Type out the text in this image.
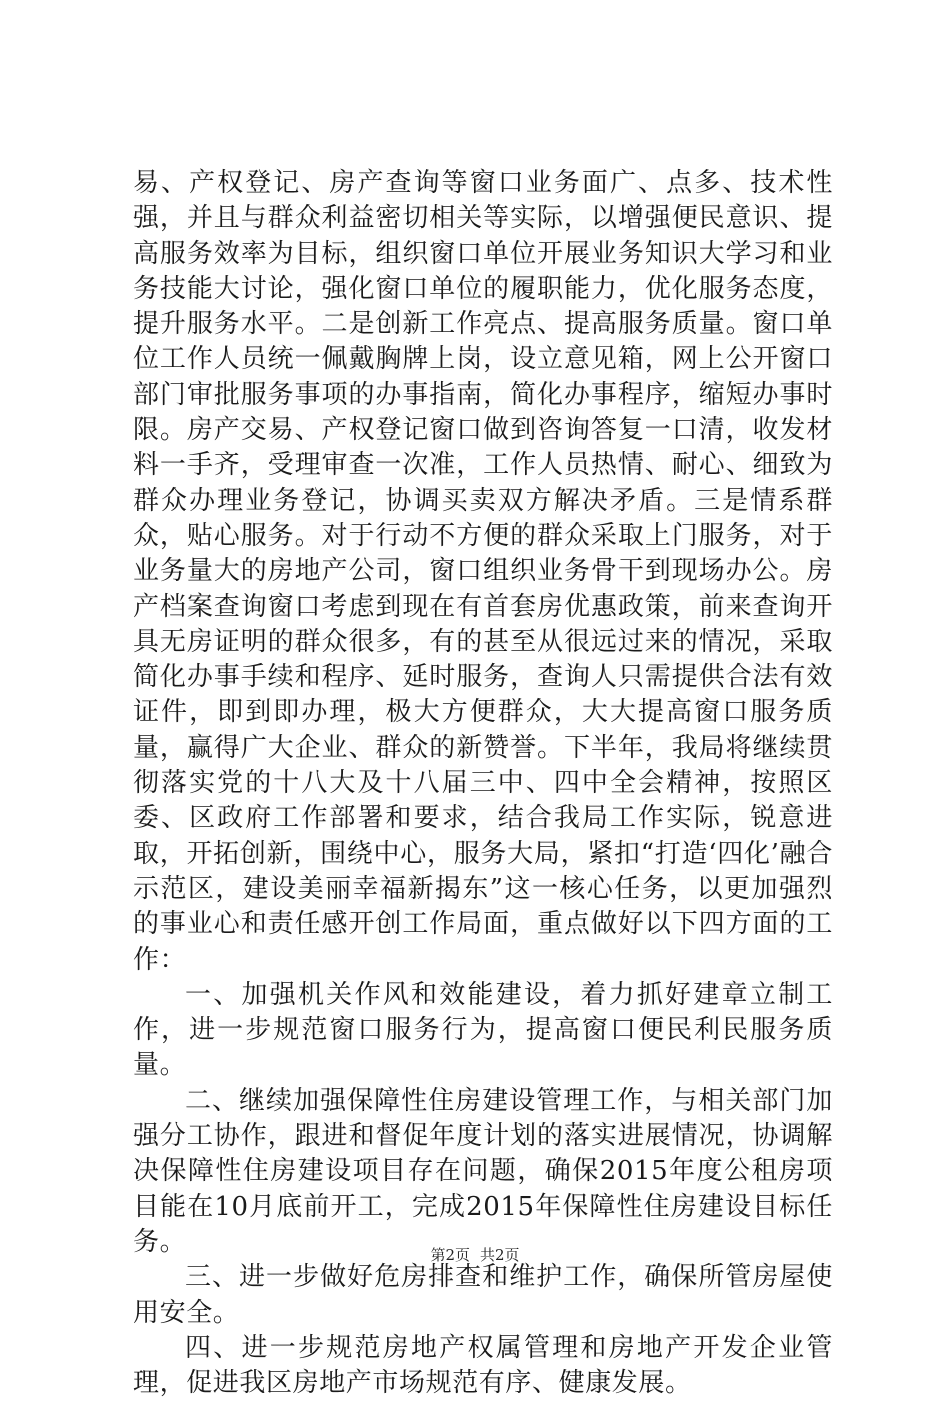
易、产权登记、房产查询等窗口业务面广、点多、技术性强，并且与群众利益密切相关等实际，以增强便民意识、提高服务效率为目标，组织窗口单位开展业务知识大学习和业务技能大讨论，强化窗口单位的履职能力，优化服务态度，提升服务水平。二是创新工作亮点、提高服务质量。窗口单位工作人员统一佩戴胸牌上岗，设立意见箱，网上公开窗口部门审批服务事项的办事指南，简化办事程序，缩短办事时限。房产交易、产权登记窗口做到咨询答复一口清，收发材料一手齐，受理审查一次准，工作人员热情、耐心、细致为群众办理业务登记，协调买卖双方解决矛盾。三是情系群众，贴心服务。对于行动不方便的群众采取上门服务，对于业务量大的房地产公司，窗口组织业务骨干到现场办公。房产档案查询窗口考虑到现在有首套房优惠政策，前来查询开具无房证明的群众很多，有的甚至从很远过来的情况，采取简化办事手续和程序、延时服务，查询人只需提供合法有效证件，即到即办理，极大方便群众，大大提高窗口服务质量，赢得广大企业、群众的新赞誉。下半年，我局将继续贯彻落实党的十八大及十八届三中、四中全会精神，按照区委、区政府工作部署和要求，结合我局工作实际，锐意进取，开拓创新，围绕中心，服务大局，紧扣“打造‘四化’融合示范区，建设美丽幸福新揭东”这一核心任务，以更加强烈的事业心和责任感开创工作局面，重点做好以下四方面的工作：

一、加强机关作风和效能建设，着力抓好建章立制工作，进一步规范窗口服务行为，提高窗口便民利民服务质量。

二、继续加强保障性住房建设管理工作，与相关部门加强分工协作，跟进和督促年度计划的落实进展情况，协调解决保障性住房建设项目存在问题，确保2015年度公租房项目能在10月底前开工，完成2015年保障性住房建设目标任务。

三、进一步做好危房排查和维护工作，确保所管房屋使用安全。

四、进一步规范房地产权属管理和房地产开发企业管理，促进我区房地产市场规范有序、健康发展。

第2页 共2页
